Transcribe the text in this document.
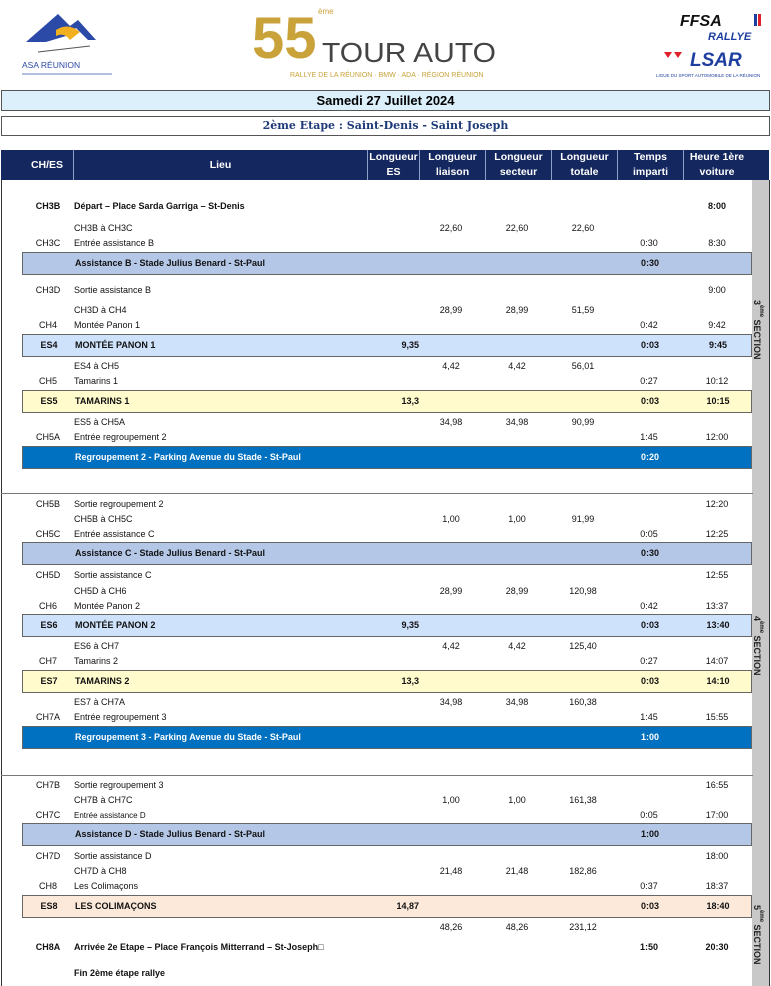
ASA RÉUNION	55 ème
TOUR AUTO
RALLYE DE LA RÉUNION · BMW · ADA · RÉGION RÉUNION
FFSA
RALLYE
LSAR
LIGUE DU SPORT AUTOMOBILE DE LA RÉUNION
Samedi 27 Juillet 2024
2ème Etape : Saint-Denis - Saint Joseph
CH/ES	Lieu
Longueur ES
Longueur liaison
Longueur secteur
Longueur totale
Temps imparti
Heure 1ère voiture
3ème SECTION
4ème SECTION
5ème SECTION
CH3B	Départ – Place Sarda Garriga – St-Denis	8:00
CH3B à CH3C	22,60	22,60	22,60
CH3C	Entrée assistance B	0:30	8:30
Assistance B - Stade Julius Benard - St-Paul	0:30
CH3D	Sortie assistance B	9:00
CH3D à CH4	28,99	28,99	51,59
CH4	Montée Panon 1	0:42	9:42
ES4	MONTÉE PANON 1	9,35	0:03	9:45
ES4 à CH5	4,42	4,42	56,01
CH5	Tamarins 1	0:27	10:12
ES5	TAMARINS 1	13,3	0:03	10:15
ES5 à CH5A	34,98	34,98	90,99
CH5A	Entrée regroupement 2	1:45	12:00
Regroupement 2 - Parking Avenue du Stade - St-Paul	0:20
CH5B	Sortie regroupement 2	12:20
CH5B à CH5C	1,00	1,00	91,99
CH5C	Entrée assistance C	0:05	12:25
Assistance C - Stade Julius Benard - St-Paul	0:30
CH5D	Sortie assistance C	12:55
CH5D à CH6	28,99	28,99	120,98
CH6	Montée Panon 2	0:42	13:37
ES6	MONTÉE PANON 2	9,35	0:03	13:40
ES6 à CH7	4,42	4,42	125,40
CH7	Tamarins 2	0:27	14:07
ES7	TAMARINS 2	13,3	0:03	14:10
ES7 à CH7A	34,98	34,98	160,38
CH7A	Entrée regroupement 3	1:45	15:55
Regroupement 3 - Parking Avenue du Stade - St-Paul	1:00
CH7B	Sortie regroupement 3	16:55
CH7B à CH7C	1,00	1,00	161,38
CH7C	Entrée assistance D	0:05	17:00
Assistance D - Stade Julius Benard - St-Paul	1:00
CH7D	Sortie assistance D	18:00
CH7D à CH8	21,48	21,48	182,86
CH8	Les Colimaçons	0:37	18:37
ES8	LES COLIMAÇONS	14,87	0:03	18:40
48,26	48,26	231,12
CH8A	Arrivée 2e Etape – Place François Mitterrand – St-Joseph□	1:50	20:30
Fin 2ème étape rallye
